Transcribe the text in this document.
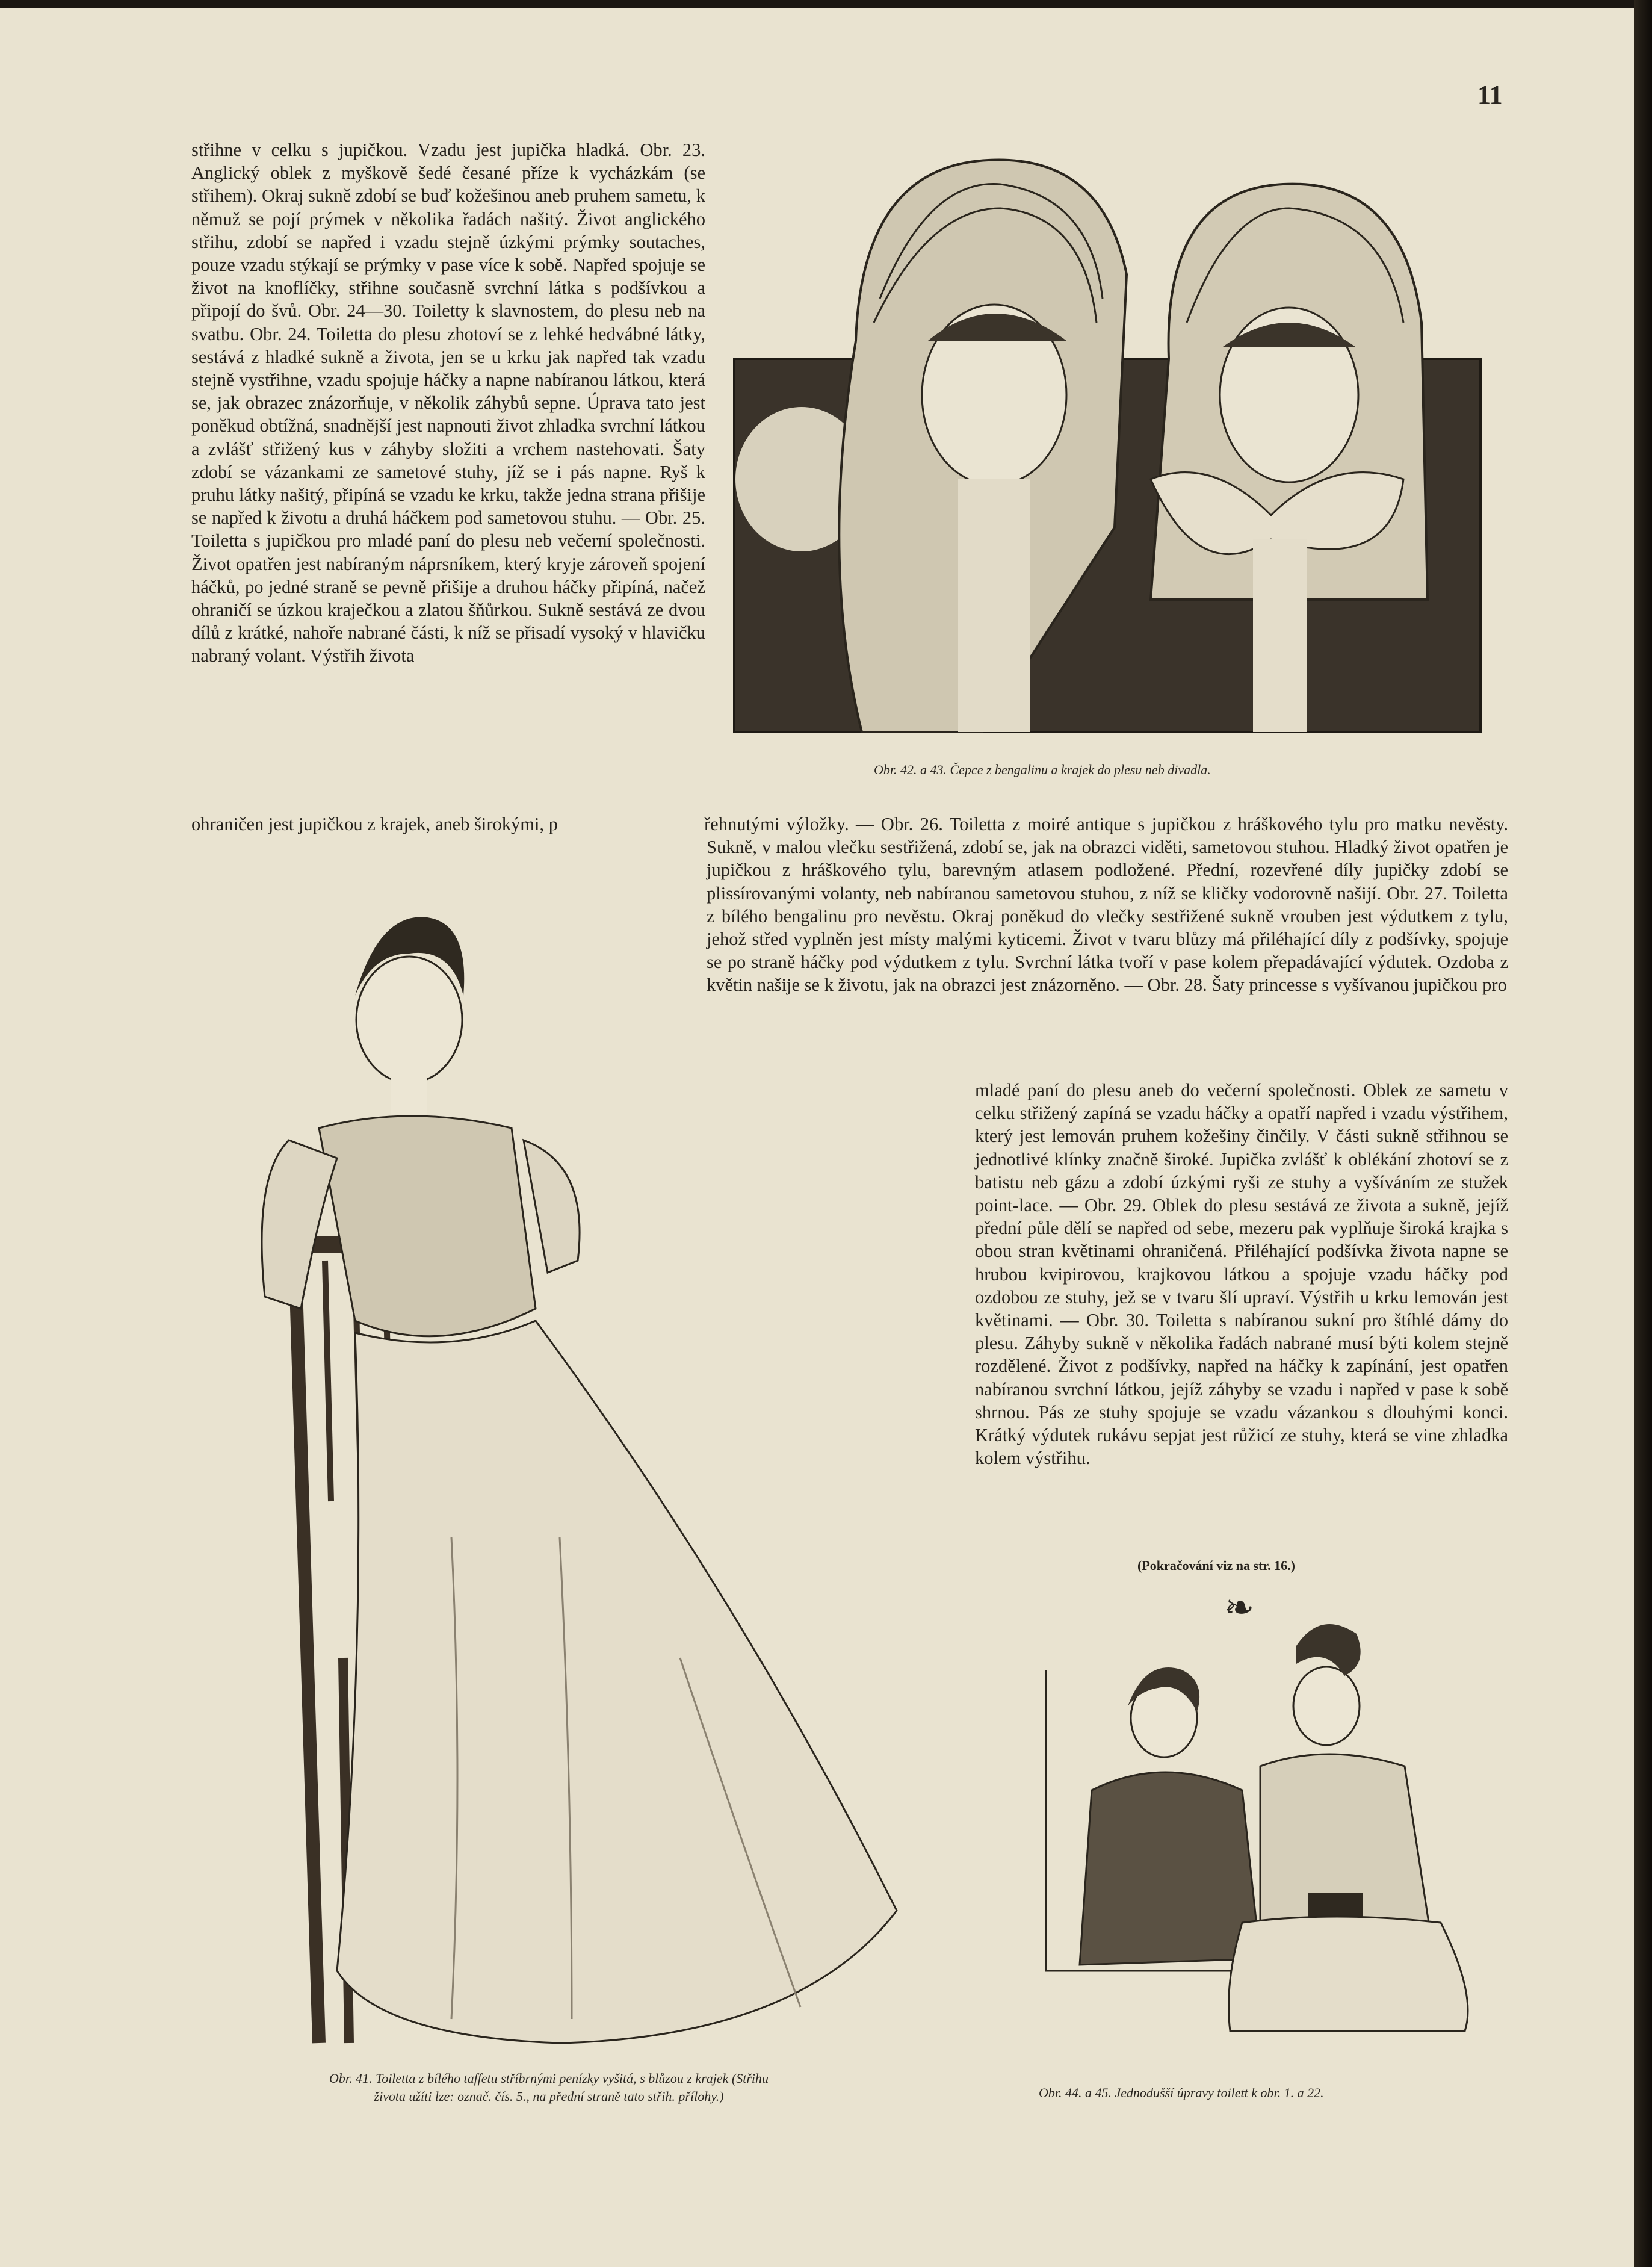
11

střihne v celku s jupičkou. Vzadu jest jupička hladká. Obr. 23. Anglický oblek z myškově šedé česané příze k vycházkám (se střihem). Okraj sukně zdobí se buď kožešinou aneb pruhem sametu, k němuž se pojí prýmek v několika řadách našitý. Život anglického střihu, zdobí se napřed i vzadu stejně úzkými prýmky soutaches, pouze vzadu stýkají se prýmky v pase více k sobě. Napřed spojuje se život na knoflíčky, střihne současně svrchní látka s podšívkou a připojí do švů. Obr. 24—30. Toiletty k slavnostem, do plesu neb na svatbu. Obr. 24. Toiletta do plesu zhotoví se z lehké hedvábné látky, sestává z hladké sukně a života, jen se u krku jak napřed tak vzadu stejně vystřihne, vzadu spojuje háčky a napne nabíranou látkou, která se, jak obrazec znázorňuje, v několik záhybů sepne. Úprava tato jest poněkud obtížná, snadnější jest napnouti život zhladka svrchní látkou a zvlášť střižený kus v záhyby složiti a vrchem nastehovati. Šaty zdobí se vázankami ze sametové stuhy, jíž se i pás napne. Ryš k pruhu látky našitý, připíná se vzadu ke krku, takže jedna strana přišije se napřed k životu a druhá háčkem pod sametovou stuhu. — Obr. 25. Toiletta s jupičkou pro mladé paní do plesu neb večerní společnosti. Život opatřen jest nabíraným náprsníkem, který kryje zároveň spojení háčků, po jedné straně se pevně přišije a druhou háčky připíná, načež ohraničí se úzkou kraječkou a zlatou šňůrkou. Sukně sestává ze dvou dílů z krátké, nahoře nabrané části, k níž se přisadí vysoký v hlavičku nabraný volant. Výstřih života

ohraničen jest jupičkou z krajek, aneb širokými, p	řehnutými výložky. — Obr. 26. Toiletta z moiré antique s jupičkou z hráškového tylu pro matku nevěsty. Sukně, v malou vlečku sestřižená, zdobí se, jak na obrazci viděti, sametovou stuhou. Hladký život opatřen je jupičkou z hráškového tylu, barevným atlasem podložené. Přední, rozevřené díly jupičky zdobí se plissírovanými volanty, neb nabíranou sametovou stuhou, z níž se kličky vodorovně našijí. Obr. 27. Toiletta z bílého bengalinu pro nevěstu. Okraj poněkud do vlečky sestřižené sukně vrouben jest výdutkem z tylu, jehož střed vyplněn jest místy malými kyticemi. Život v tvaru blůzy má přiléhající díly z podšívky, spojuje se po straně háčky pod výdutkem z tylu. Svrchní látka tvoří v pase kolem přepadávající výdutek. Ozdoba z květin našije se k životu, jak na obrazci jest znázorněno. — Obr. 28. Šaty princesse s vyšívanou jupičkou pro

mladé paní do plesu aneb do večerní společnosti. Oblek ze sametu v celku střižený zapíná se vzadu háčky a opatří napřed i vzadu výstřihem, který jest lemován pruhem kožešiny činčily. V části sukně střihnou se jednotlivé klínky značně široké. Jupička zvlášť k oblékání zhotoví se z batistu neb gázu a zdobí úzkými ryši ze stuhy a vyšíváním ze stužek point-lace. — Obr. 29. Oblek do plesu sestává ze života a sukně, jejíž přední půle dělí se napřed od sebe, mezeru pak vyplňuje široká krajka s obou stran květinami ohraničená. Přiléhající podšívka života napne se hrubou kvipirovou, krajkovou látkou a spojuje vzadu háčky pod ozdobou ze stuhy, jež se v tvaru šlí upraví. Výstřih u krku lemován jest květinami. — Obr. 30. Toiletta s nabíranou sukní pro štíhlé dámy do plesu. Záhyby sukně v několika řadách nabrané musí býti kolem stejně rozdělené. Život z podšívky, napřed na háčky k zapínání, jest opatřen nabíranou svrchní látkou, jejíž záhyby se vzadu i napřed v pase k sobě shrnou. Pás ze stuhy spojuje se vzadu vázankou s dlouhými konci. Krátký výdutek rukávu sepjat jest růžicí ze stuhy, která se vine zhladka kolem výstřihu.

(Pokračování viz na str. 16.)
❧
Obr. 42. a 43. Čepce z bengalinu a krajek do plesu neb divadla.
Obr. 41. Toiletta z bílého taffetu stříbrnými penízky vyšitá, s blůzou z krajek (Střihu
života užíti lze: označ. čís. 5., na přední straně tato střih. přílohy.)	Obr. 44. a 45. Jednodušší úpravy toilett k obr. 1. a 22.
